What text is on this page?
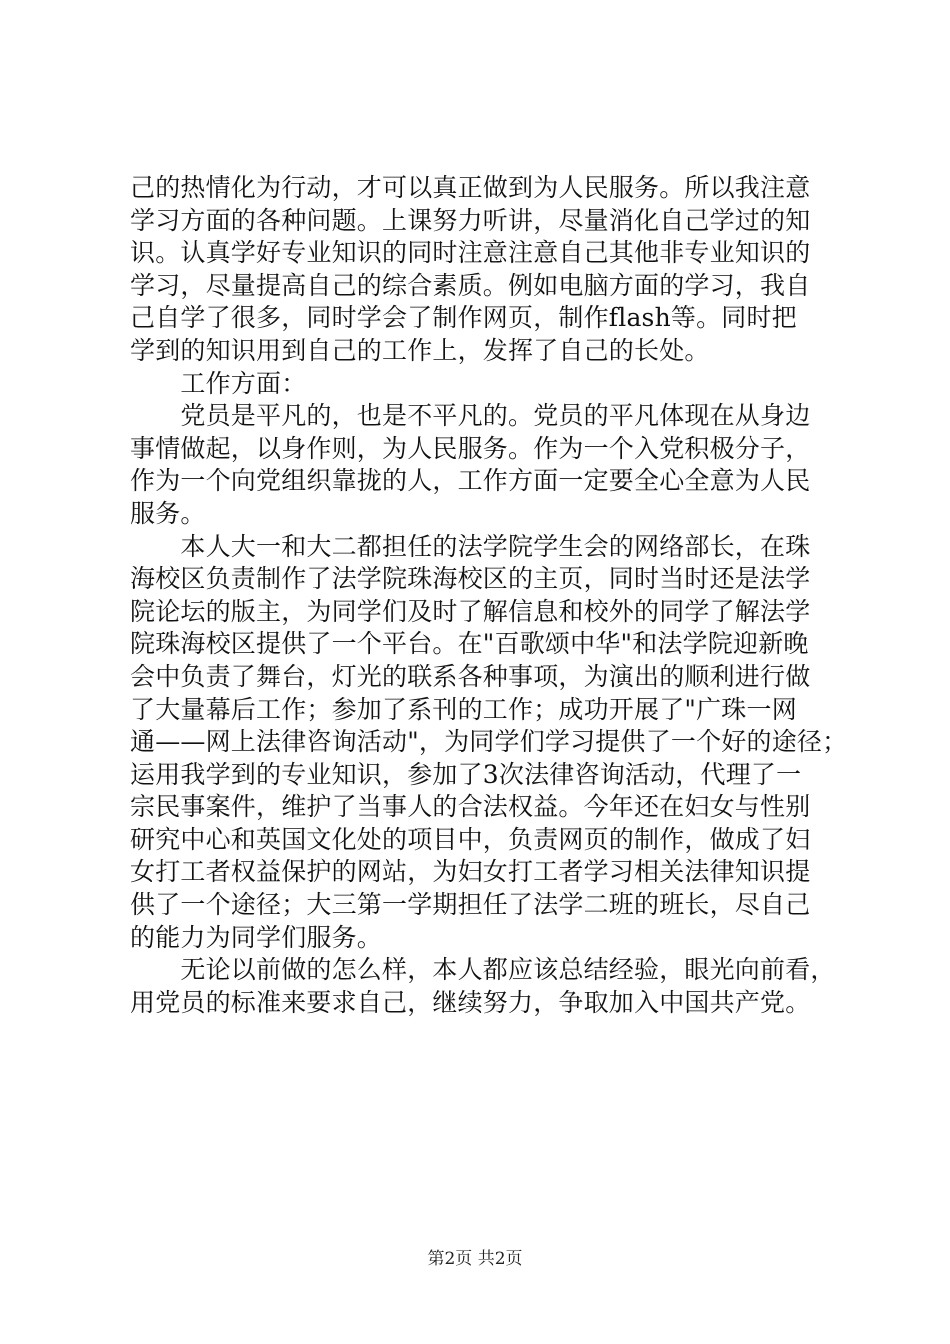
己的热情化为行动，才可以真正做到为人民服务。所以我注意
学习方面的各种问题。上课努力听讲，尽量消化自己学过的知
识。认真学好专业知识的同时注意注意自己其他非专业知识的
学习，尽量提高自己的综合素质。例如电脑方面的学习，我自
己自学了很多，同时学会了制作网页，制作flash等。同时把
学到的知识用到自己的工作上，发挥了自己的长处。
　　工作方面：
　　党员是平凡的，也是不平凡的。党员的平凡体现在从身边
事情做起，以身作则，为人民服务。作为一个入党积极分子，
作为一个向党组织靠拢的人，工作方面一定要全心全意为人民
服务。
　　本人大一和大二都担任的法学院学生会的网络部长，在珠
海校区负责制作了法学院珠海校区的主页，同时当时还是法学
院论坛的版主，为同学们及时了解信息和校外的同学了解法学
院珠海校区提供了一个平台。在"百歌颂中华"和法学院迎新晚
会中负责了舞台，灯光的联系各种事项，为演出的顺利进行做
了大量幕后工作；参加了系刊的工作；成功开展了"广珠一网
通——网上法律咨询活动"，为同学们学习提供了一个好的途径；
运用我学到的专业知识，参加了3次法律咨询活动，代理了一
宗民事案件，维护了当事人的合法权益。今年还在妇女与性别
研究中心和英国文化处的项目中，负责网页的制作，做成了妇
女打工者权益保护的网站，为妇女打工者学习相关法律知识提
供了一个途径；大三第一学期担任了法学二班的班长，尽自己
的能力为同学们服务。
　　无论以前做的怎么样，本人都应该总结经验，眼光向前看，
用党员的标准来要求自己，继续努力，争取加入中国共产党。
第2页 共2页
